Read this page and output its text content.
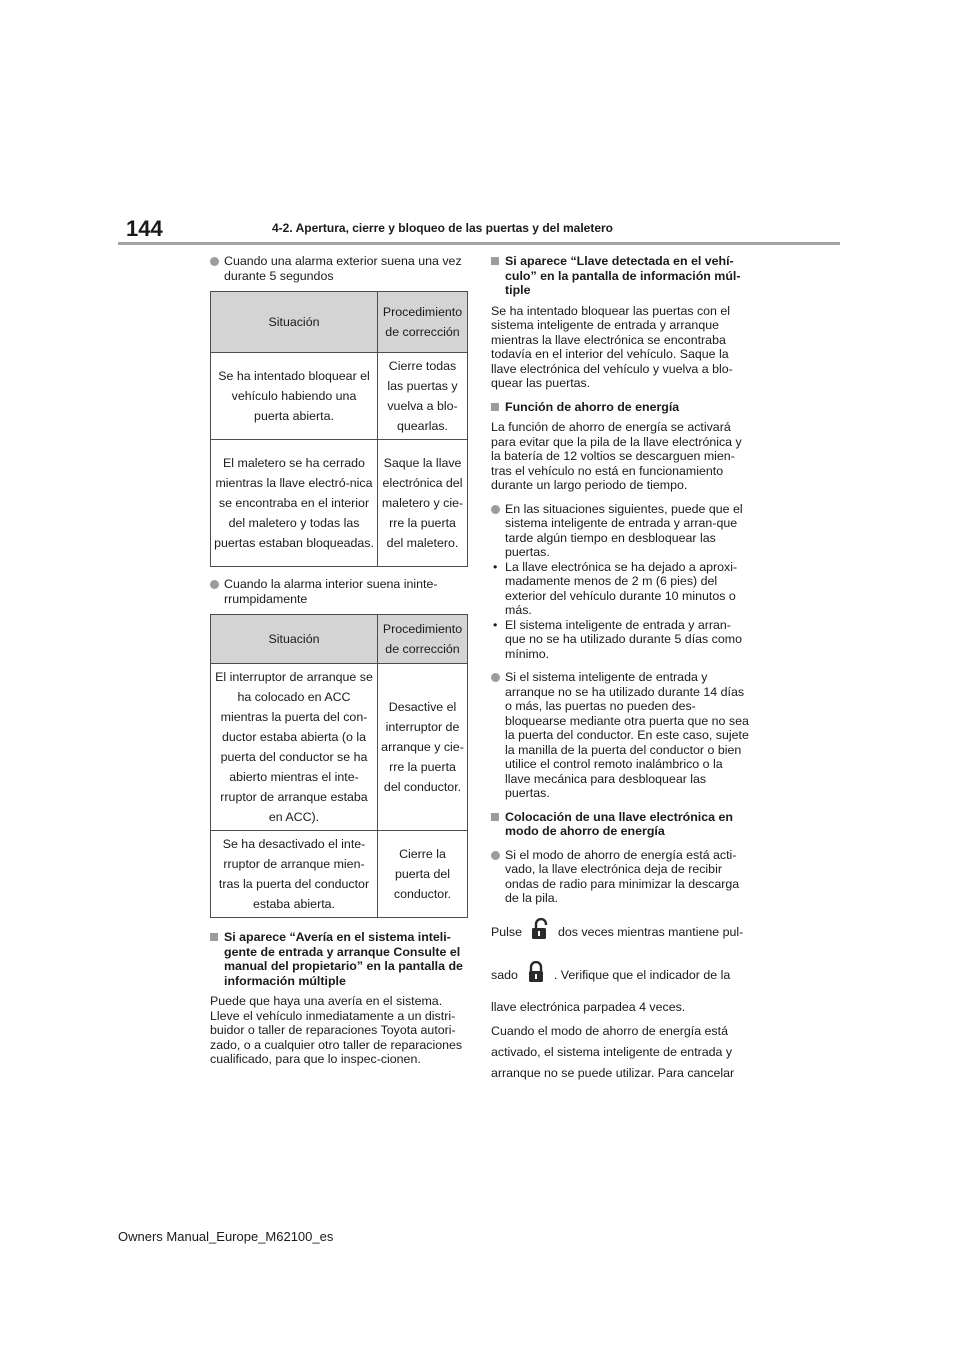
144	4-2. Apertura, cierre y bloqueo de las puertas y del maletero

Cuando una alarma exterior suena una vez durante 5 segundos

Situación	Procedimiento de corrección
Se ha intentado bloquear el vehículo habiendo una puerta abierta.	Cierre todas las puertas y vuelva a blo-quearlas.
El maletero se ha cerrado mientras la llave electró-nica se encontraba en el interior del maletero y todas las puertas estaban bloqueadas.	Saque la llave electrónica del maletero y cie-rre la puerta del maletero.

Cuando la alarma interior suena ininte-rrumpidamente

Situación	Procedimiento de corrección
El interruptor de arranque se ha colocado en ACC mientras la puerta del con-ductor estaba abierta (o la puerta del conductor se ha abierto mientras el inte-rruptor de arranque estaba en ACC).	Desactive el interruptor de arranque y cie-rre la puerta del conductor.
Se ha desactivado el inte-rruptor de arranque mien-tras la puerta del conductor estaba abierta.	Cierre la puerta del conductor.

Si aparece “Avería en el sistema inteli-gente de entrada y arranque Consulte el manual del propietario” en la pantalla de información múltiple

Puede que haya una avería en el sistema. Lleve el vehículo inmediatamente a un distri-buidor o taller de reparaciones Toyota autori-zado, o a cualquier otro taller de reparaciones cualificado, para que lo inspec-cionen.

Si aparece “Llave detectada en el vehí-culo” en la pantalla de información múl-tiple

Se ha intentado bloquear las puertas con el sistema inteligente de entrada y arranque mientras la llave electrónica se encontraba todavía en el interior del vehículo. Saque la llave electrónica del vehículo y vuelva a blo-quear las puertas.

Función de ahorro de energía

La función de ahorro de energía se activará para evitar que la pila de la llave electrónica y la batería de 12 voltios se descarguen mien-tras el vehículo no está en funcionamiento durante un largo periodo de tiempo.

En las situaciones siguientes, puede que el sistema inteligente de entrada y arran-que tarde algún tiempo en desbloquear las puertas.

• La llave electrónica se ha dejado a aproxi-madamente menos de 2 m (6 pies) del exterior del vehículo durante 10 minutos o más.

• El sistema inteligente de entrada y arran-que no se ha utilizado durante 5 días como mínimo.

Si el sistema inteligente de entrada y arranque no se ha utilizado durante 14 días o más, las puertas no pueden des-bloquearse mediante otra puerta que no sea la puerta del conductor. En este caso, sujete la manilla de la puerta del conductor o bien utilice el control remoto inalámbrico o la llave mecánica para desbloquear las puertas.

Colocación de una llave electrónica en modo de ahorro de energía

Si el modo de ahorro de energía está acti-vado, la llave electrónica deja de recibir ondas de radio para minimizar la descarga de la pila.

Pulse	dos veces mientras mantiene pul-

sado	. Verifique que el indicador de la

llave electrónica parpadea 4 veces.

Cuando el modo de ahorro de energía está activado, el sistema inteligente de entrada y arranque no se puede utilizar. Para cancelar

Owners Manual_Europe_M62100_es
